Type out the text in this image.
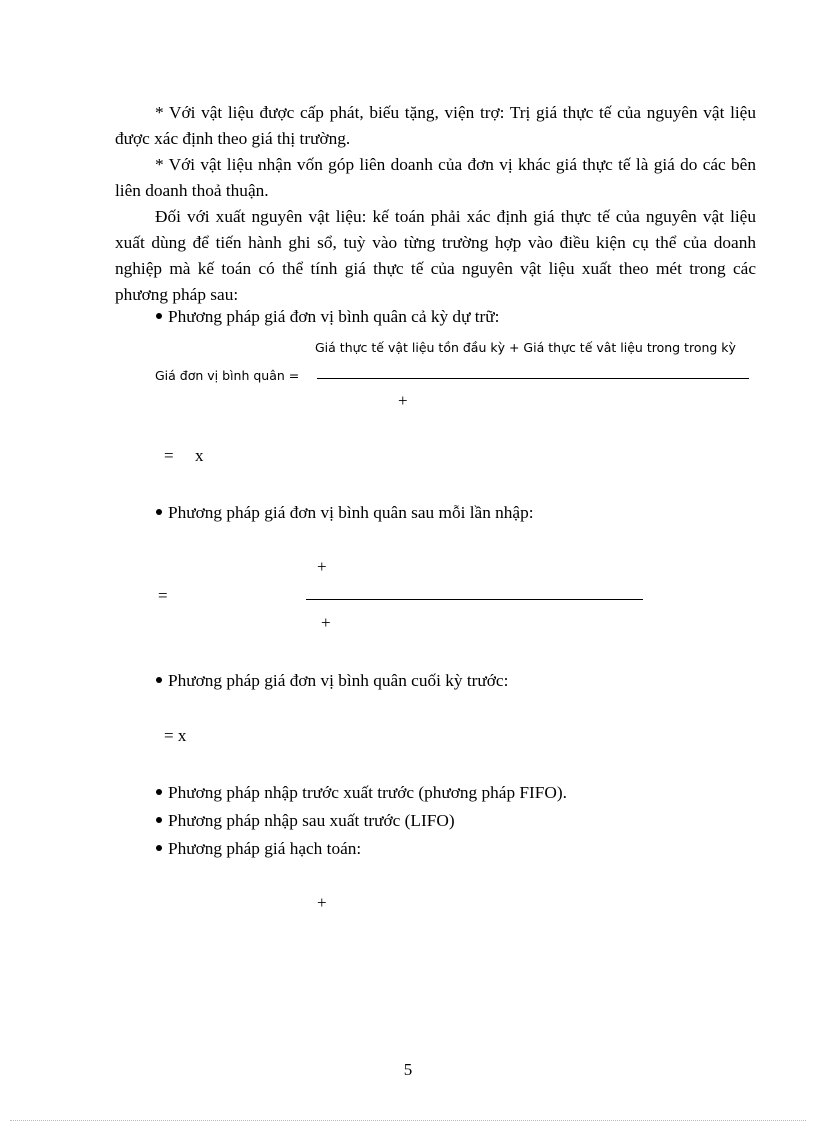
* Với vật liệu được cấp phát, biếu tặng, viện trợ: Trị giá thực tế của nguyên vật liệu được xác định theo giá thị trường.

* Với vật liệu nhận vốn góp liên doanh của đơn vị khác giá thực tế là giá do các bên liên doanh thoả thuận.

Đối với xuất nguyên vật liệu: kế toán phải xác định giá thực tế của nguyên vật liệu xuất dùng để tiến hành ghi sổ, tuỳ vào từng trường hợp vào điều kiện cụ thể của doanh nghiệp mà kế toán có thể tính giá thực tế của nguyên vật liệu xuất theo mét trong các phương pháp sau:

Phương pháp giá đơn vị bình quân cả kỳ dự trữ:
Giá thực tế vật liệu tồn đầu kỳ + Giá thực tế vât liệu trong trong kỳ
Giá đơn vị bình quân =
+
= x
Phương pháp giá đơn vị bình quân sau mỗi lần nhập:
+
=
+
Phương pháp giá đơn vị bình quân cuối kỳ trước:
= x
Phương pháp nhập trước xuất trước (phương pháp FIFO).
Phương pháp nhập sau xuất trước (LIFO)
Phương pháp giá hạch toán:
+
5
